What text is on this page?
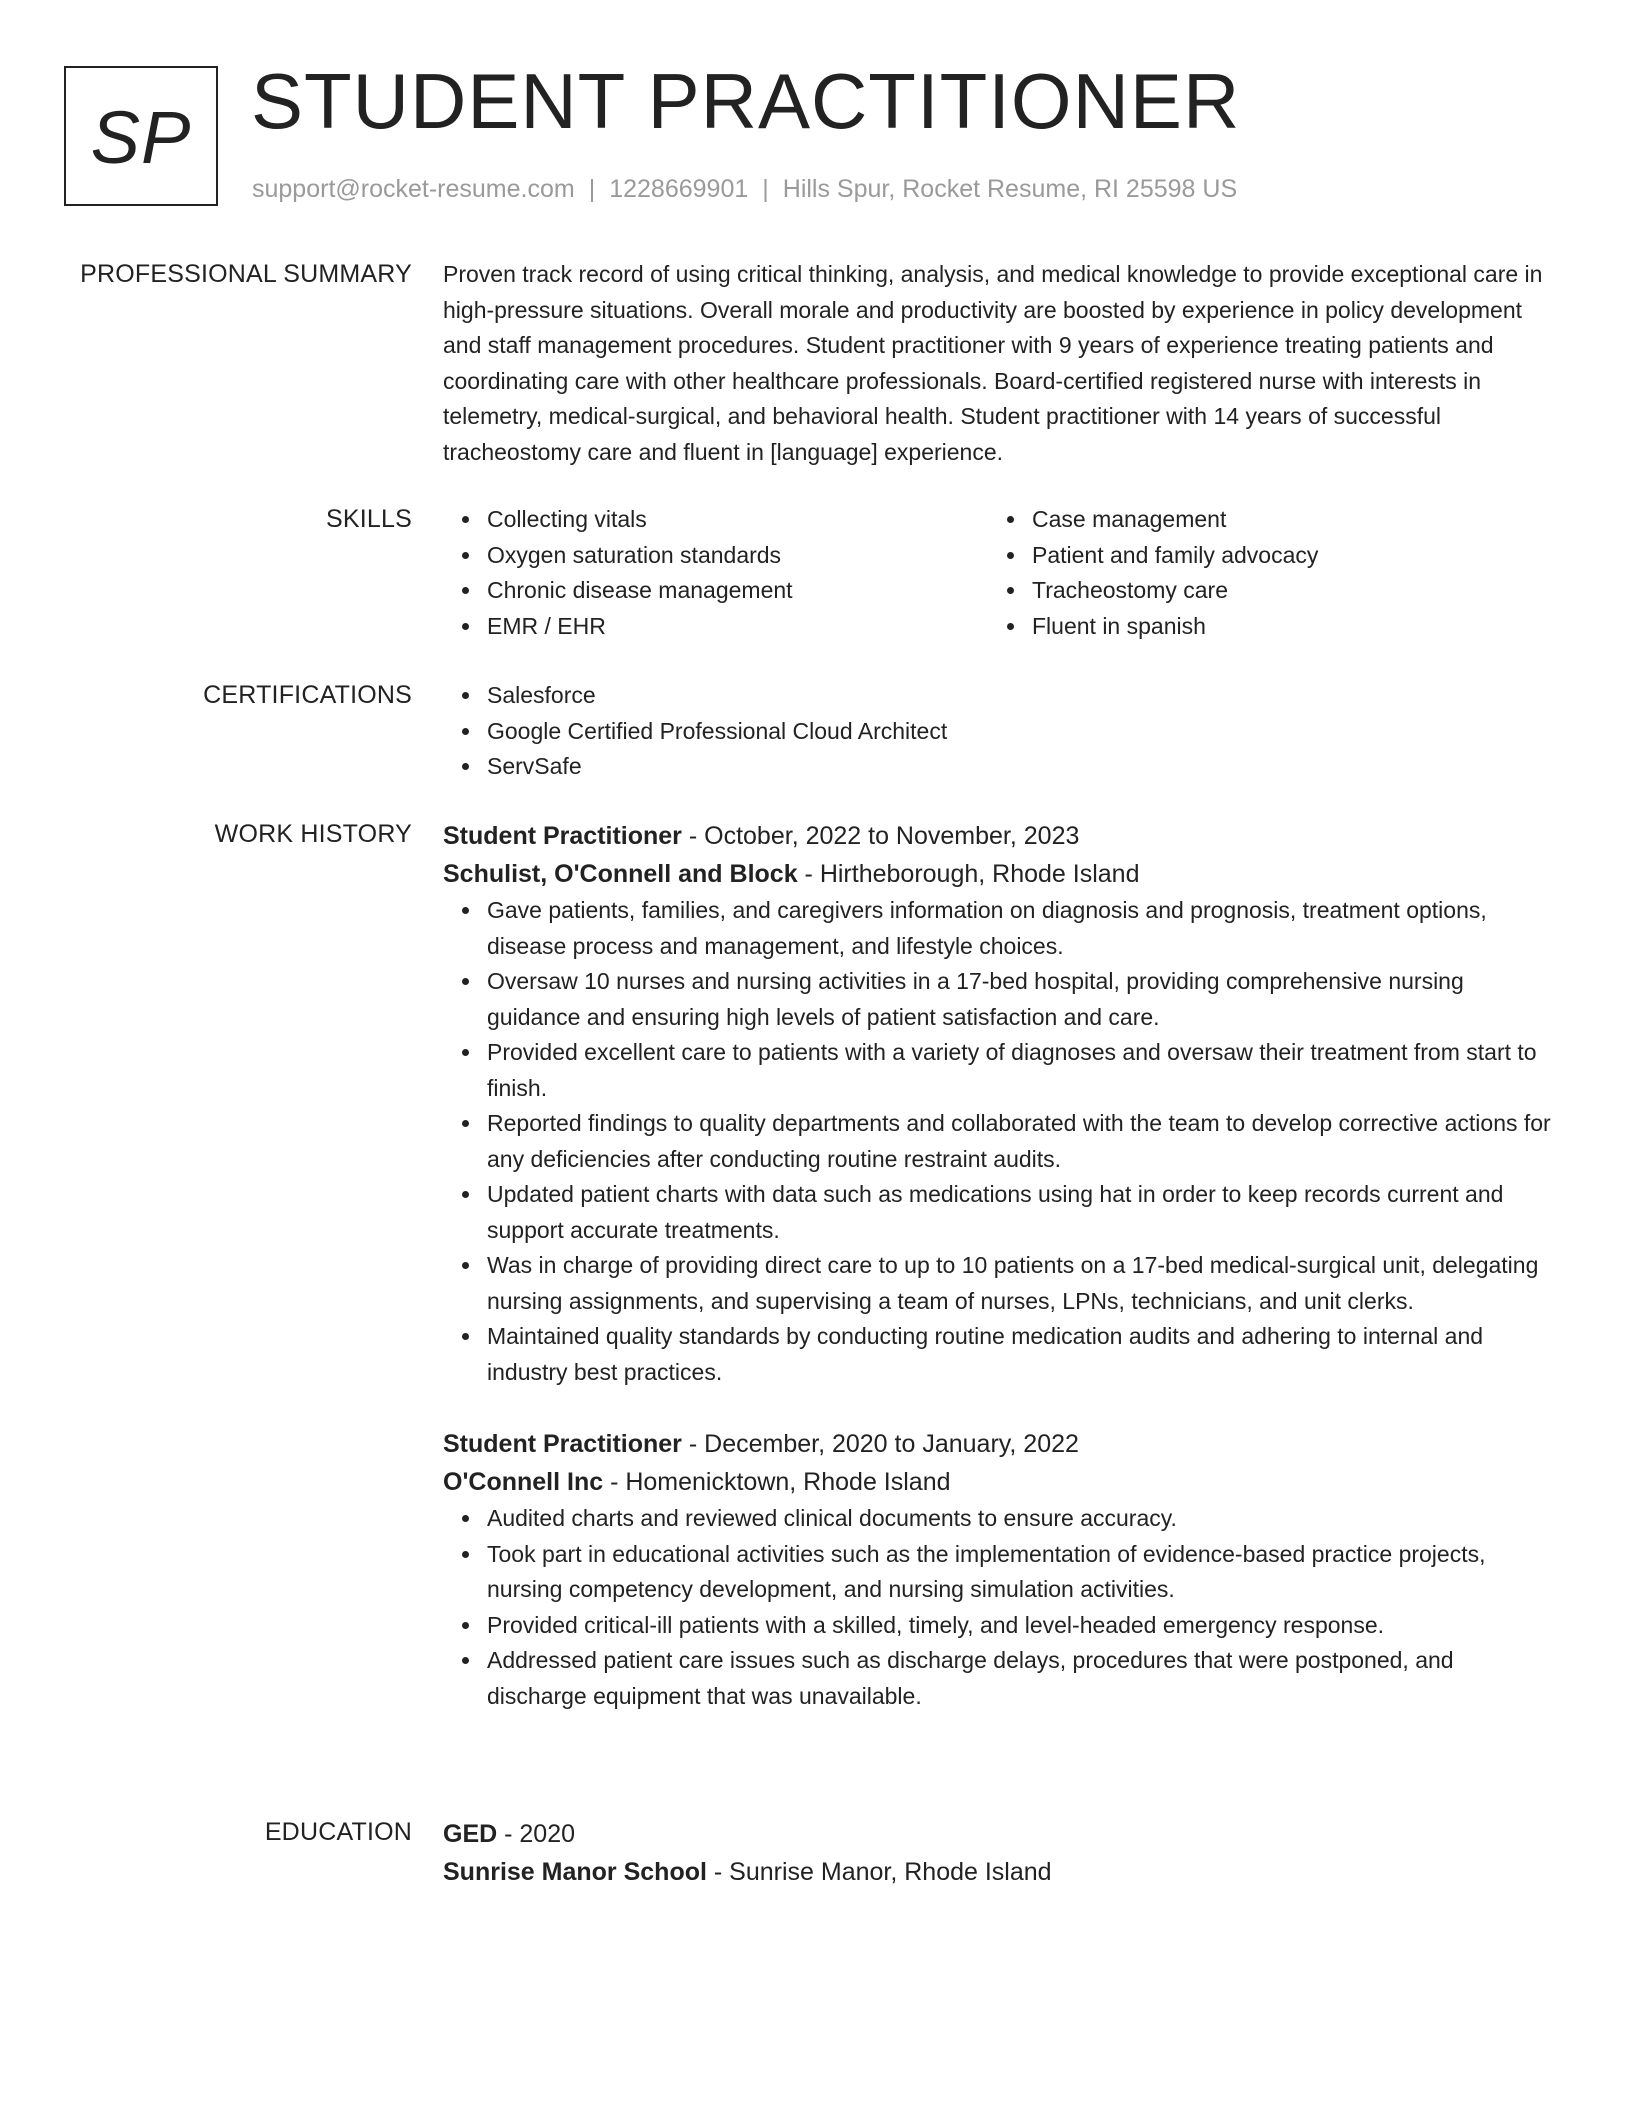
SP STUDENT PRACTITIONER
support@rocket-resume.com | 1228669901 | Hills Spur, Rocket Resume, RI 25598 US
PROFESSIONAL SUMMARY Proven track record of using critical thinking, analysis, and medical knowledge to provide exceptional care in high-pressure situations. Overall morale and productivity are boosted by experience in policy development and staff management procedures. Student practitioner with 9 years of experience treating patients and coordinating care with other healthcare professionals. Board-certified registered nurse with interests in telemetry, medical-surgical, and behavioral health. Student practitioner with 14 years of successful tracheostomy care and fluent in [language] experience.

SKILLS	Collecting vitals
Oxygen saturation standards
Chronic disease management
EMR / EHR
Case management
Patient and family advocacy
Tracheostomy care
Fluent in spanish
CERTIFICATIONS	Salesforce
Google Certified Professional Cloud Architect
ServSafe
WORK HISTORY Student Practitioner - October, 2022 to November, 2023
Schulist, O'Connell and Block - Hirtheborough, Rhode Island
Gave patients, families, and caregivers information on diagnosis and prognosis, treatment options, disease process and management, and lifestyle choices.
Oversaw 10 nurses and nursing activities in a 17-bed hospital, providing comprehensive nursing guidance and ensuring high levels of patient satisfaction and care.
Provided excellent care to patients with a variety of diagnoses and oversaw their treatment from start to finish.
Reported findings to quality departments and collaborated with the team to develop corrective actions for any deficiencies after conducting routine restraint audits.
Updated patient charts with data such as medications using hat in order to keep records current and support accurate treatments.
Was in charge of providing direct care to up to 10 patients on a 17-bed medical-surgical unit, delegating nursing assignments, and supervising a team of nurses, LPNs, technicians, and unit clerks.
Maintained quality standards by conducting routine medication audits and adhering to internal and industry best practices.
Student Practitioner - December, 2020 to January, 2022
O'Connell Inc - Homenicktown, Rhode Island
Audited charts and reviewed clinical documents to ensure accuracy.
Took part in educational activities such as the implementation of evidence-based practice projects, nursing competency development, and nursing simulation activities.
Provided critical-ill patients with a skilled, timely, and level-headed emergency response.
Addressed patient care issues such as discharge delays, procedures that were postponed, and discharge equipment that was unavailable.
EDUCATION GED - 2020
Sunrise Manor School - Sunrise Manor, Rhode Island
